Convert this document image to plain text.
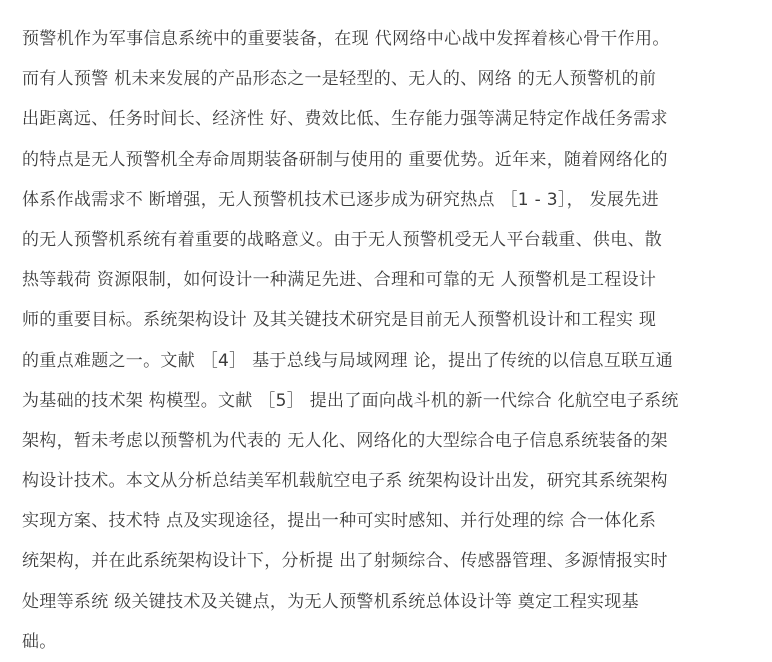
预警机作为军事信息系统中的重要装备，在现 代网络中心战中发挥着核心骨干作用。
而有人预警 机未来发展的产品形态之一是轻型的、无人的、网络 的无人预警机的前
出距离远、任务时间长、经济性 好、费效比低、生存能力强等满足特定作战任务需求
的特点是无人预警机全寿命周期装备研制与使用的 重要优势。近年来，随着网络化的
体系作战需求不 断增强，无人预警机技术已逐步成为研究热点 ［1 - 3］， 发展先进
的无人预警机系统有着重要的战略意义。由于无人预警机受无人平台载重、供电、散
热等载荷 资源限制，如何设计一种满足先进、合理和可靠的无 人预警机是工程设计
师的重要目标。系统架构设计 及其关键技术研究是目前无人预警机设计和工程实 现
的重点难题之一。文献 ［4］ 基于总线与局域网理 论，提出了传统的以信息互联互通
为基础的技术架 构模型。文献 ［5］ 提出了面向战斗机的新一代综合 化航空电子系统
架构，暂未考虑以预警机为代表的 无人化、网络化的大型综合电子信息系统装备的架
构设计技术。本文从分析总结美军机载航空电子系 统架构设计出发，研究其系统架构
实现方案、技术特 点及实现途径，提出一种可实时感知、并行处理的综 合一体化系
统架构，并在此系统架构设计下，分析提 出了射频综合、传感器管理、多源情报实时
处理等系统 级关键技术及关键点，为无人预警机系统总体设计等 奠定工程实现基
础。
